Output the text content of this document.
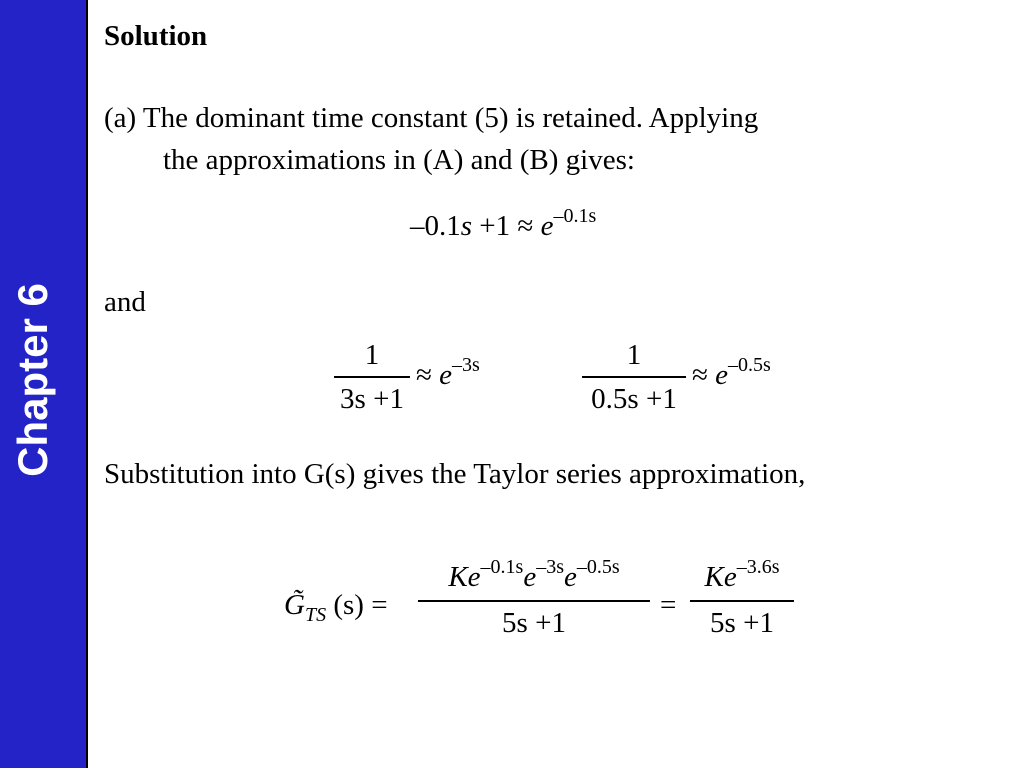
Chapter 6
Solution
(a) The dominant time constant (5) is retained. Applying
the approximations in (A) and (B) gives:
$-0.1s +1 \approx e^{-0.1s}$
and
1
3s +1
≈ $e^{-3s}$	1
0.5s +1
≈ $e^{-0.5s}$
Substitution into G(s) gives the Taylor series approximation,
$G̃_{TS}$ (s) =
$Ke^{-0.1s}e^{-3s}e^{-0.5s}$
5s +1
=
$Ke^{-3.6s}$
5s +1
